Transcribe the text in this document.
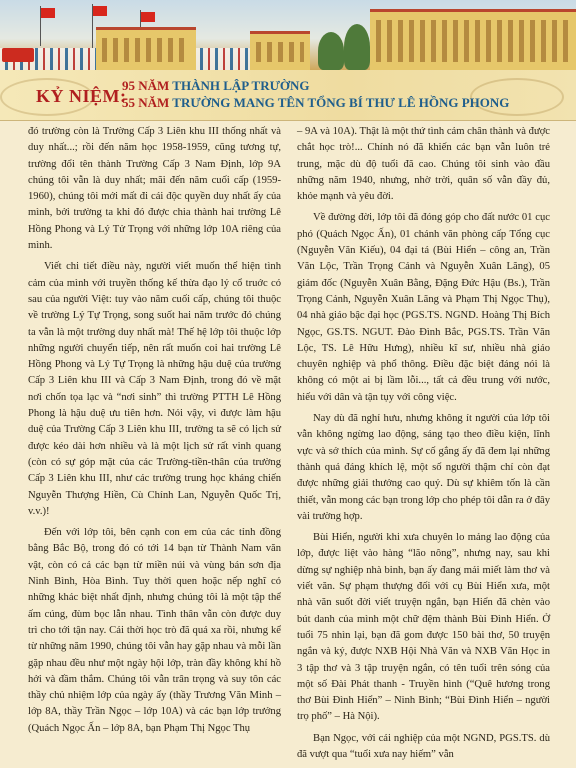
KỶ NIỆM:
95 NĂM THÀNH LẬP TRƯỜNG
55 NĂM TRƯỜNG MANG TÊN TỔNG BÍ THƯ LÊ HỒNG PHONG

đó trường còn là Trường Cấp 3 Liên khu III thống nhất và duy nhất...; rồi đến năm học 1958-1959, cũng tương tự, trường đổi tên thành Trường Cấp 3 Nam Định, lớp 9A chúng tôi vẫn là duy nhất; mãi đến năm cuối cấp (1959-1960), chúng tôi mới mất đi cái độc quyền duy nhất ấy của mình, bởi trường ta khi đó được chia thành hai trường Lê Hồng Phong và Lý Tử Trọng với những lớp 10A riêng của mình.

Viết chi tiết điều này, người viết muốn thể hiện tình cảm của mình với truyền thống kế thừa đạo lý cổ truớc có sau của người Việt: tuy vào năm cuối cấp, chúng tôi thuộc về trường Lý Tự Trọng, song suốt hai năm trước đó chúng ta vẫn là một trường duy nhất mà! Thế hệ lớp tôi thuộc lớp những người chuyển tiếp, nên rất muốn coi hai trường Lê Hồng Phong và Lý Tự Trọng là những hậu duệ của trường Cấp 3 Liên khu III và Cấp 3 Nam Định, trong đó về mặt nơi chốn tọa lạc và “nơi sinh” thì trường PTTH Lê Hồng Phong là hậu duệ ưu tiên hơn. Nói vậy, vì được làm hậu duệ của Trường Cấp 3 Liên khu III, trường ta sẽ có lịch sử được kéo dài hơn nhiều và là một lịch sử rất vinh quang (còn có sự góp mặt của các Trường-tiền-thân của trường Cấp 3 Liên khu III, như các trường trung học kháng chiến Nguyễn Thượng Hiền, Cù Chính Lan, Nguyễn Quốc Trị, v.v.)!

Đến với lớp tôi, bên cạnh con em của các tỉnh đồng bằng Bắc Bộ, trong đó có tới 14 bạn từ Thành Nam văn vật, còn có cả các bạn từ miền núi và vùng bán sơn địa Ninh Bình, Hòa Bình. Tuy thời quen hoặc nếp nghĩ có những khác biệt nhất định, nhưng chúng tôi là một tập thể ấm cúng, đùm bọc lẫn nhau. Tình thân vẫn còn được duy trì cho tới tận nay. Cái thời học trò đã quá xa rồi, nhưng kể từ những năm 1990, chúng tôi vẫn hay gặp nhau và mỗi lần gặp nhau đều như một ngày hội lớp, tràn đầy không khí hồ hởi và đầm thắm. Chúng tôi vẫn trân trọng và suy tôn các thầy chủ nhiệm lớp của ngày ấy (thầy Trương Văn Minh – lớp 8A, thầy Trần Ngọc – lớp 10A) và các bạn lớp trưởng (Quách Ngọc Ấn – lớp 8A, bạn Phạm Thị Ngọc Thụ

– 9A và 10A). Thật là một thứ tình cảm chân thành và được chắt học trò!... Chính nó đã khiến các bạn vẫn luôn trẻ trung, mặc dù độ tuổi đã cao. Chúng tôi sinh vào đầu những năm 1940, nhưng, nhờ trời, quân số vẫn đầy đủ, khỏe mạnh và yêu đời.

Về đường đời, lớp tôi đã đóng góp cho đất nước 01 cục phó (Quách Ngọc Ấn), 01 chánh văn phòng cấp Tổng cục (Nguyễn Văn Kiếu), 04 đại tá (Bùi Hiển – công an, Trần Văn Lộc, Trần Trọng Cảnh và Nguyễn Xuân Lãng), 05 giám đốc (Nguyễn Xuân Bằng, Đặng Đức Hậu (Bs.), Trần Trọng Cảnh, Nguyễn Xuân Lãng và Phạm Thị Ngọc Thụ), 04 nhà giáo bậc đại học (PGS.TS. NGND. Hoàng Thị Bích Ngọc, GS.TS. NGUT. Đào Đình Bắc, PGS.TS. Trần Văn Lộc, TS. Lê Hữu Hưng), nhiều kĩ sư, nhiều nhà giáo chuyên nghiệp và phổ thông. Điều đặc biệt đáng nói là không có một ai bị lầm lỗi..., tất cả đều trung với nước, hiếu với dân và tận tụy với công việc.

Nay dù đã nghỉ hưu, nhưng không ít người của lớp tôi vẫn không ngừng lao động, sáng tạo theo điều kiện, lĩnh vực và sở thích của mình. Sự cố gắng ấy đã đem lại những thành quả đáng khích lệ, một số người thậm chí còn đạt được những giải thưởng cao quý. Dù sự khiêm tốn là cần thiết, vẫn mong các bạn trong lớp cho phép tôi dẫn ra ở đây vài trường hợp.

Bùi Hiển, người khi xưa chuyên lo mảng lao động của lớp, được liệt vào hàng “lão nông”, nhưng nay, sau khi dừng sự nghiệp nhà binh, bạn ấy đang mải miết làm thơ và viết văn. Sự phạm thượng đối với cụ Bùi Hiển xưa, một nhà văn suốt đời viết truyện ngắn, bạn Hiển đã chèn vào bút danh của mình một chữ đệm thành Bùi Đình Hiển. Ở tuổi 75 nhìn lại, bạn đã gom được 150 bài thơ, 50 truyện ngắn và ký, được NXB Hội Nhà Văn và NXB Văn Học in 3 tập thơ và 3 tập truyện ngắn, có tên tuổi trên sóng của một số Đài Phát thanh - Truyền hình (“Quê hương trong thơ Bùi Đình Hiển” – Ninh Bình; “Bùi Đình Hiển – người trọ phố” – Hà Nội).

Bạn Ngọc, với cái nghiệp của một NGND, PGS.TS. dù đã vượt qua “tuổi xưa nay hiếm” vẫn
